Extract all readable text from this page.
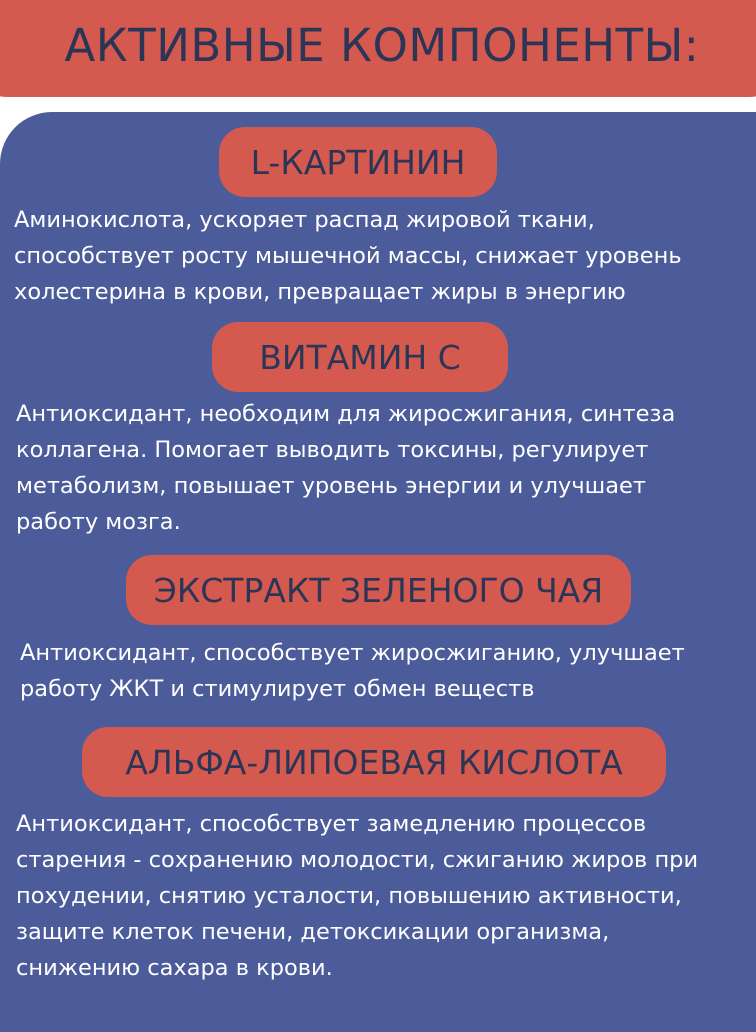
АКТИВНЫЕ КОМПОНЕНТЫ:
L-КАРТИНИН
Аминокислота, ускоряет распад жировой ткани,
способствует росту мышечной массы, снижает уровень
холестерина в крови, превращает жиры в энергию
ВИТАМИН С
Антиоксидант, необходим для жиросжигания, синтеза
коллагена. Помогает выводить токсины, регулирует
метаболизм, повышает уровень энергии и улучшает
работу мозга.
ЭКСТРАКТ ЗЕЛЕНОГО ЧАЯ
Антиоксидант, способствует жиросжиганию, улучшает
работу ЖКТ и стимулирует обмен веществ
АЛЬФА-ЛИПОЕВАЯ КИСЛОТА
Антиоксидант, способствует замедлению процессов
старения - сохранению молодости, сжиганию жиров при
похудении, снятию усталости, повышению активности,
защите клеток печени, детоксикации организма,
снижению сахара в крови.
